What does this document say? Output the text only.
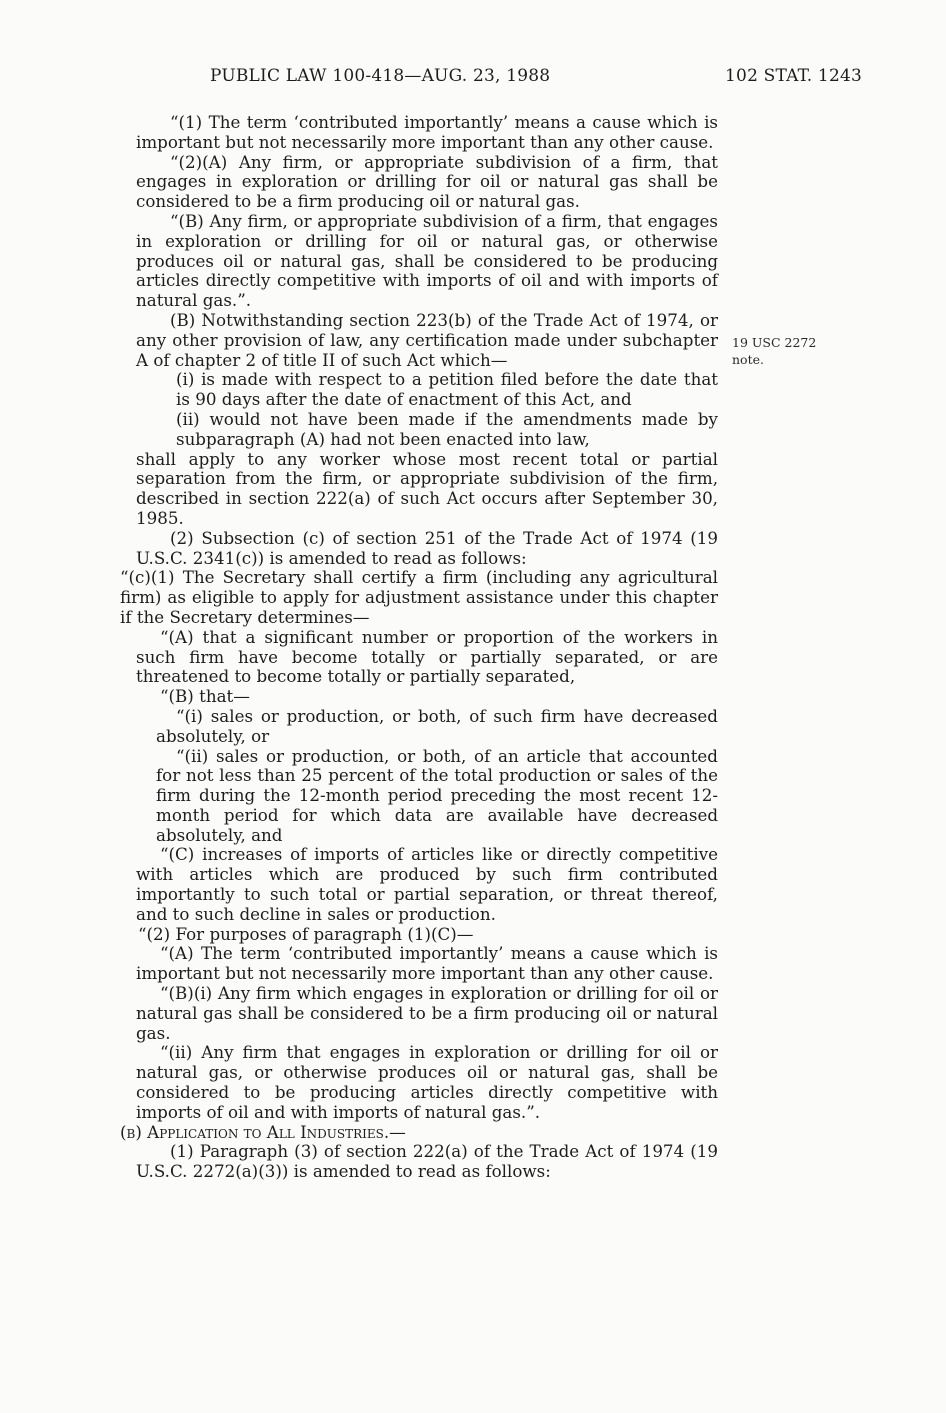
PUBLIC LAW 100-418—AUG. 23, 1988	102 STAT. 1243
19 USC 2272
note.

“(1) The term ‘contributed importantly’ means a cause which is important but not necessarily more important than any other cause.

“(2)(A) Any firm, or appropriate subdivision of a firm, that engages in exploration or drilling for oil or natural gas shall be considered to be a firm producing oil or natural gas.

“(B) Any firm, or appropriate subdivision of a firm, that engages in exploration or drilling for oil or natural gas, or otherwise produces oil or natural gas, shall be considered to be producing articles directly competitive with imports of oil and with imports of natural gas.”.

(B) Notwithstanding section 223(b) of the Trade Act of 1974, or any other provision of law, any certification made under subchapter A of chapter 2 of title II of such Act which—

(i) is made with respect to a petition filed before the date that is 90 days after the date of enactment of this Act, and

(ii) would not have been made if the amendments made by subparagraph (A) had not been enacted into law,

shall apply to any worker whose most recent total or partial separation from the firm, or appropriate subdivision of the firm, described in section 222(a) of such Act occurs after September 30, 1985.

(2) Subsection (c) of section 251 of the Trade Act of 1974 (19 U.S.C. 2341(c)) is amended to read as follows:

“(c)(1) The Secretary shall certify a firm (including any agricultural firm) as eligible to apply for adjustment assistance under this chapter if the Secretary determines—

“(A) that a significant number or proportion of the workers in such firm have become totally or partially separated, or are threatened to become totally or partially separated,

“(B) that—

“(i) sales or production, or both, of such firm have decreased absolutely, or

“(ii) sales or production, or both, of an article that accounted for not less than 25 percent of the total production or sales of the firm during the 12-month period preceding the most recent 12-month period for which data are available have decreased absolutely, and

“(C) increases of imports of articles like or directly competitive with articles which are produced by such firm contributed importantly to such total or partial separation, or threat thereof, and to such decline in sales or production.

“(2) For purposes of paragraph (1)(C)—

“(A) The term ‘contributed importantly’ means a cause which is important but not necessarily more important than any other cause.

“(B)(i) Any firm which engages in exploration or drilling for oil or natural gas shall be considered to be a firm producing oil or natural gas.

“(ii) Any firm that engages in exploration or drilling for oil or natural gas, or otherwise produces oil or natural gas, shall be considered to be producing articles directly competitive with imports of oil and with imports of natural gas.”.

(b) Application to All Industries.—

(1) Paragraph (3) of section 222(a) of the Trade Act of 1974 (19 U.S.C. 2272(a)(3)) is amended to read as follows:
